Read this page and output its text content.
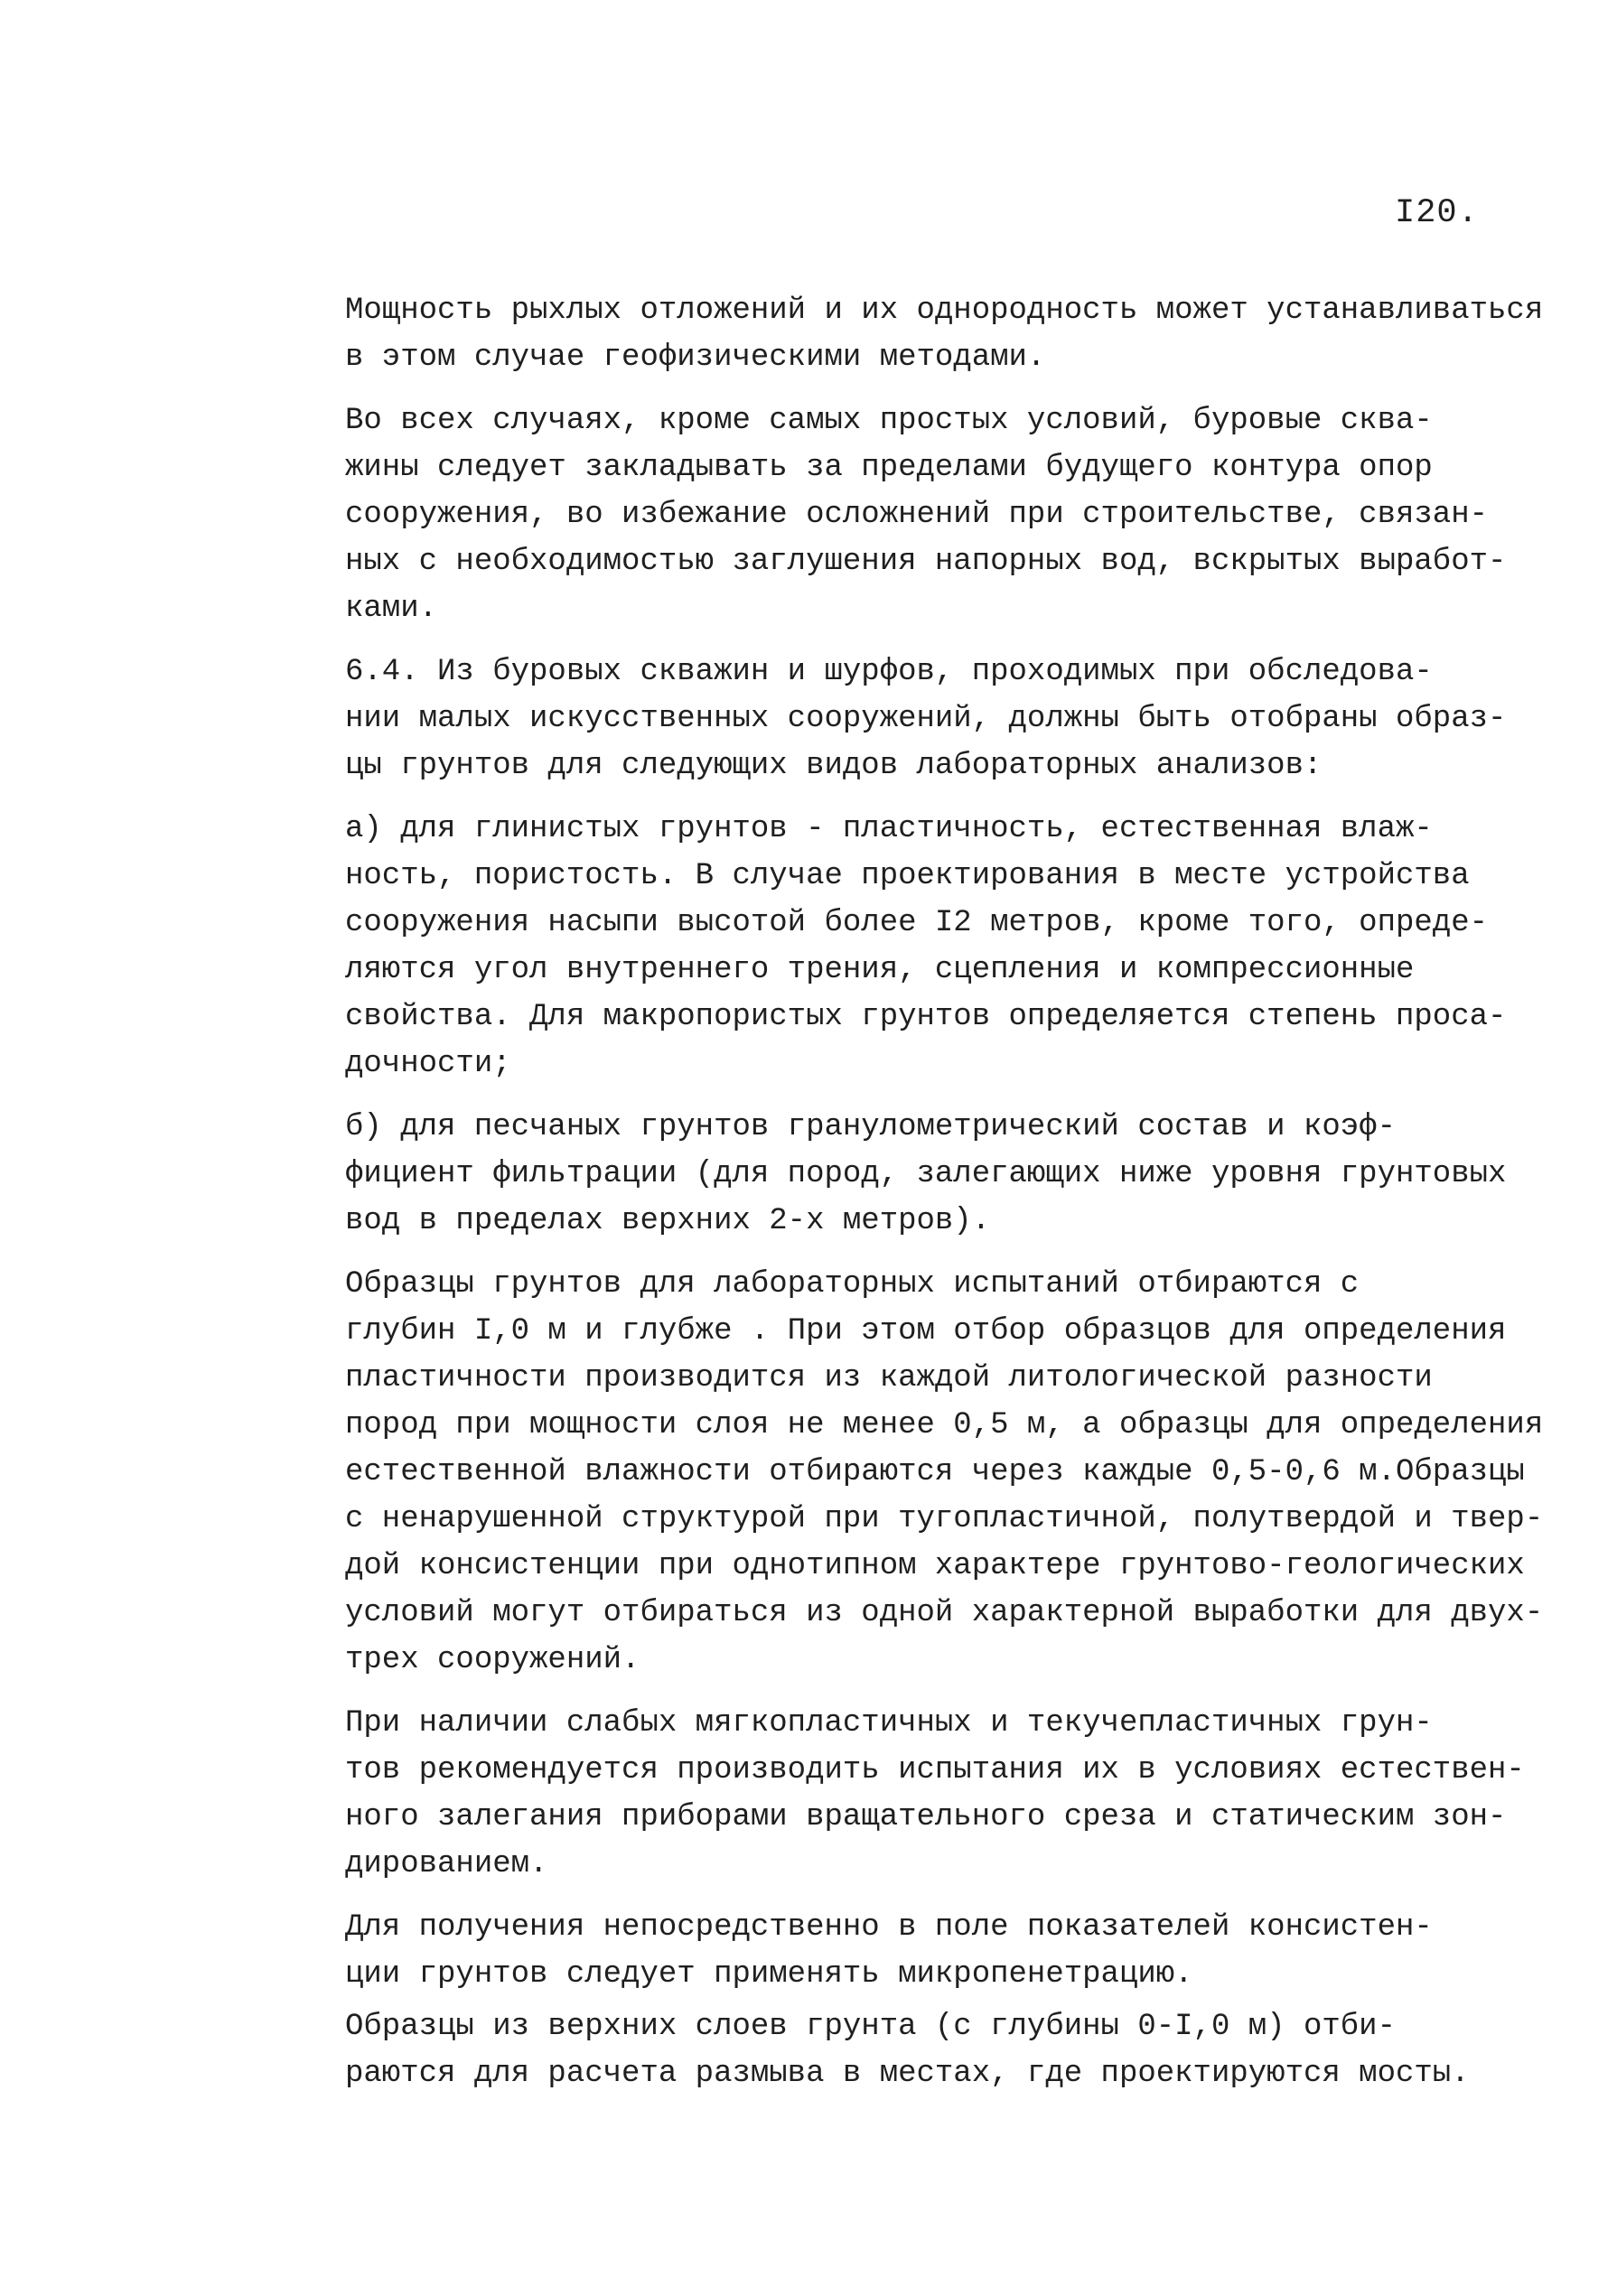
I20.
Мощность рыхлых отложений и их однородность может устанавливаться
в этом случае геофизическими методами.
Во всех случаях, кроме самых простых условий, буровые сква-
жины следует закладывать за пределами будущего контура опор
сооружения, во избежание осложнений при строительстве, связан-
ных с необходимостью заглушения напорных вод, вскрытых выработ-
ками.
6.4. Из буровых скважин и шурфов, проходимых при обследова-
нии малых искусственных сооружений, должны быть отобраны образ-
цы грунтов для следующих видов лабораторных анализов:
а) для глинистых грунтов - пластичность, естественная влаж-
ность, пористость. В случае проектирования в месте устройства
сооружения насыпи высотой более I2 метров, кроме того, опреде-
ляются угол внутреннего трения, сцепления и компрессионные
свойства. Для макропористых грунтов определяется степень проса-
дочности;
б) для песчаных грунтов гранулометрический состав и коэф-
фициент фильтрации (для пород, залегающих ниже уровня грунтовых
вод в пределах верхних 2-х метров).
Образцы грунтов для лабораторных испытаний отбираются с
глубин I,0 м и глубже . При этом отбор образцов для определения
пластичности производится из каждой литологической разности
пород при мощности слоя не менее 0,5 м, а образцы для определения
естественной влажности отбираются через каждые 0,5-0,6 м.Образцы
с ненарушенной структурой при тугопластичной, полутвердой и твер-
дой консистенции при однотипном характере грунтово-геологических
условий могут отбираться из одной характерной выработки для двух-
трех сооружений.
При наличии слабых мягкопластичных и текучепластичных грун-
тов рекомендуется производить испытания их в условиях естествен-
ного залегания приборами вращательного среза и статическим зон-
дированием.
Для получения непосредственно в поле показателей консистен-
ции грунтов следует применять микропенетрацию.
Образцы из верхних слоев грунта (с глубины 0-I,0 м) отби-
раются для расчета размыва в местах, где проектируются мосты.
